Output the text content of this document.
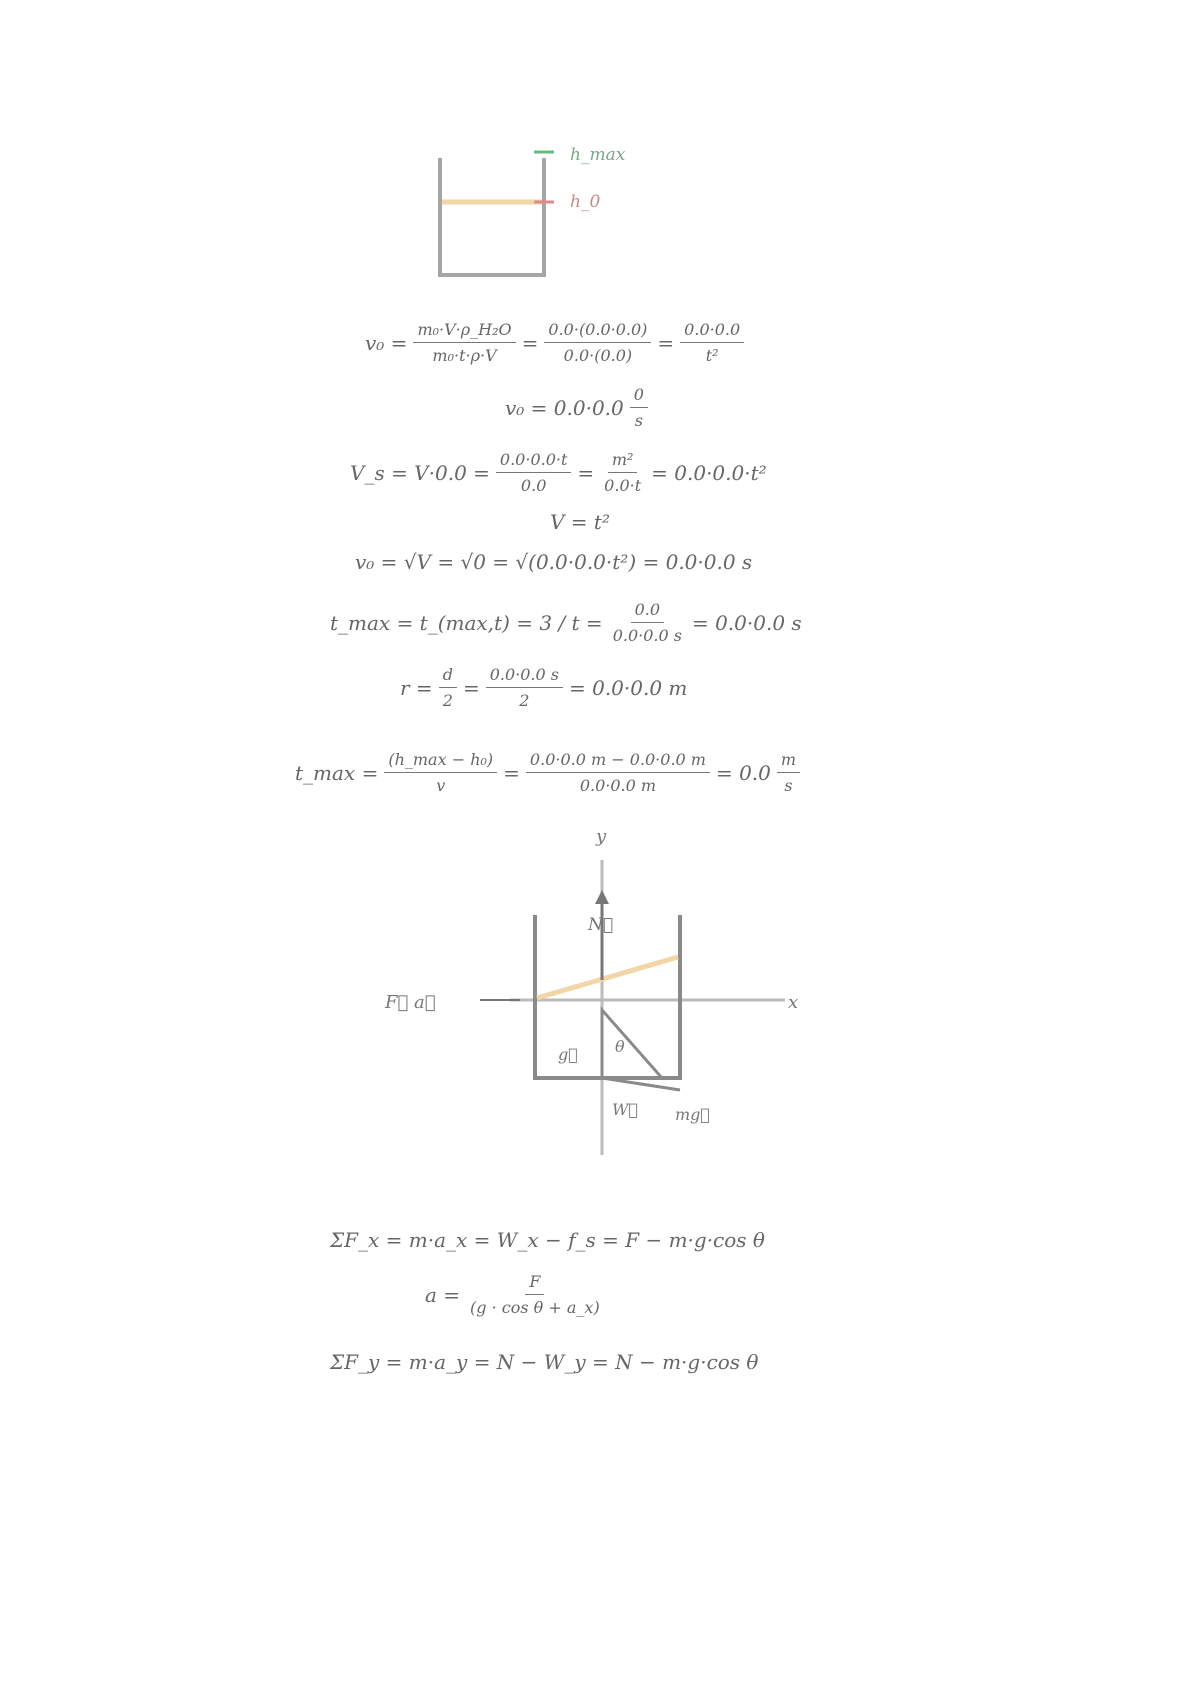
h_max
h_0
$v_0 = \frac{\text{m₀·V·ρ\_H₂O}}{\text{m₀·t·ρ·V}} = \frac{0.0\cdot(0.0\cdot 0.0)}{0.0\cdot(0.0)} = \frac{0.0\cdot 0.0}{\text{t²}}$
$v_0 = 0.0\cdot 0.0 \frac{0}{s}$
V_s = $V\cdot 0.0 = \frac{0.0\cdot 0.0\cdot t}{0.0} = \frac{\text{m²}}{0.0\cdot t} = 0.0\cdot 0.0\cdot t^2$
V = t²
v₀ = √V = √0 = √(0.0·0.0·t²) = 0.0·0.0 s
t_max = t_(max,t) = $3 / t = \frac{0.0}{0.0\cdot 0.0 s} = 0.0\cdot 0.0$ s
$r = \frac{d}{2} = \frac{0.0\cdot 0.0 s}{2} = 0.0\cdot 0.0$ m
t_max = $\frac{\text{(h\_max − h₀)}}{v} = \frac{0.0\cdot 0.0 m - 0.0\cdot 0.0 m}{0.0\cdot 0.0 m} = 0.0 \frac{m}{s}$
y
x
N⃗
F⃗ a⃗
g⃗ θ
W⃗ mg⃗
ΣF_x = m·a_x = W_x − f_s = F − m·g·cos θ
$a = \frac{F}{\text{(g · cos θ + a\_x)}}$
ΣF_y = m·a_y = N − W_y = N − m·g·cos θ
